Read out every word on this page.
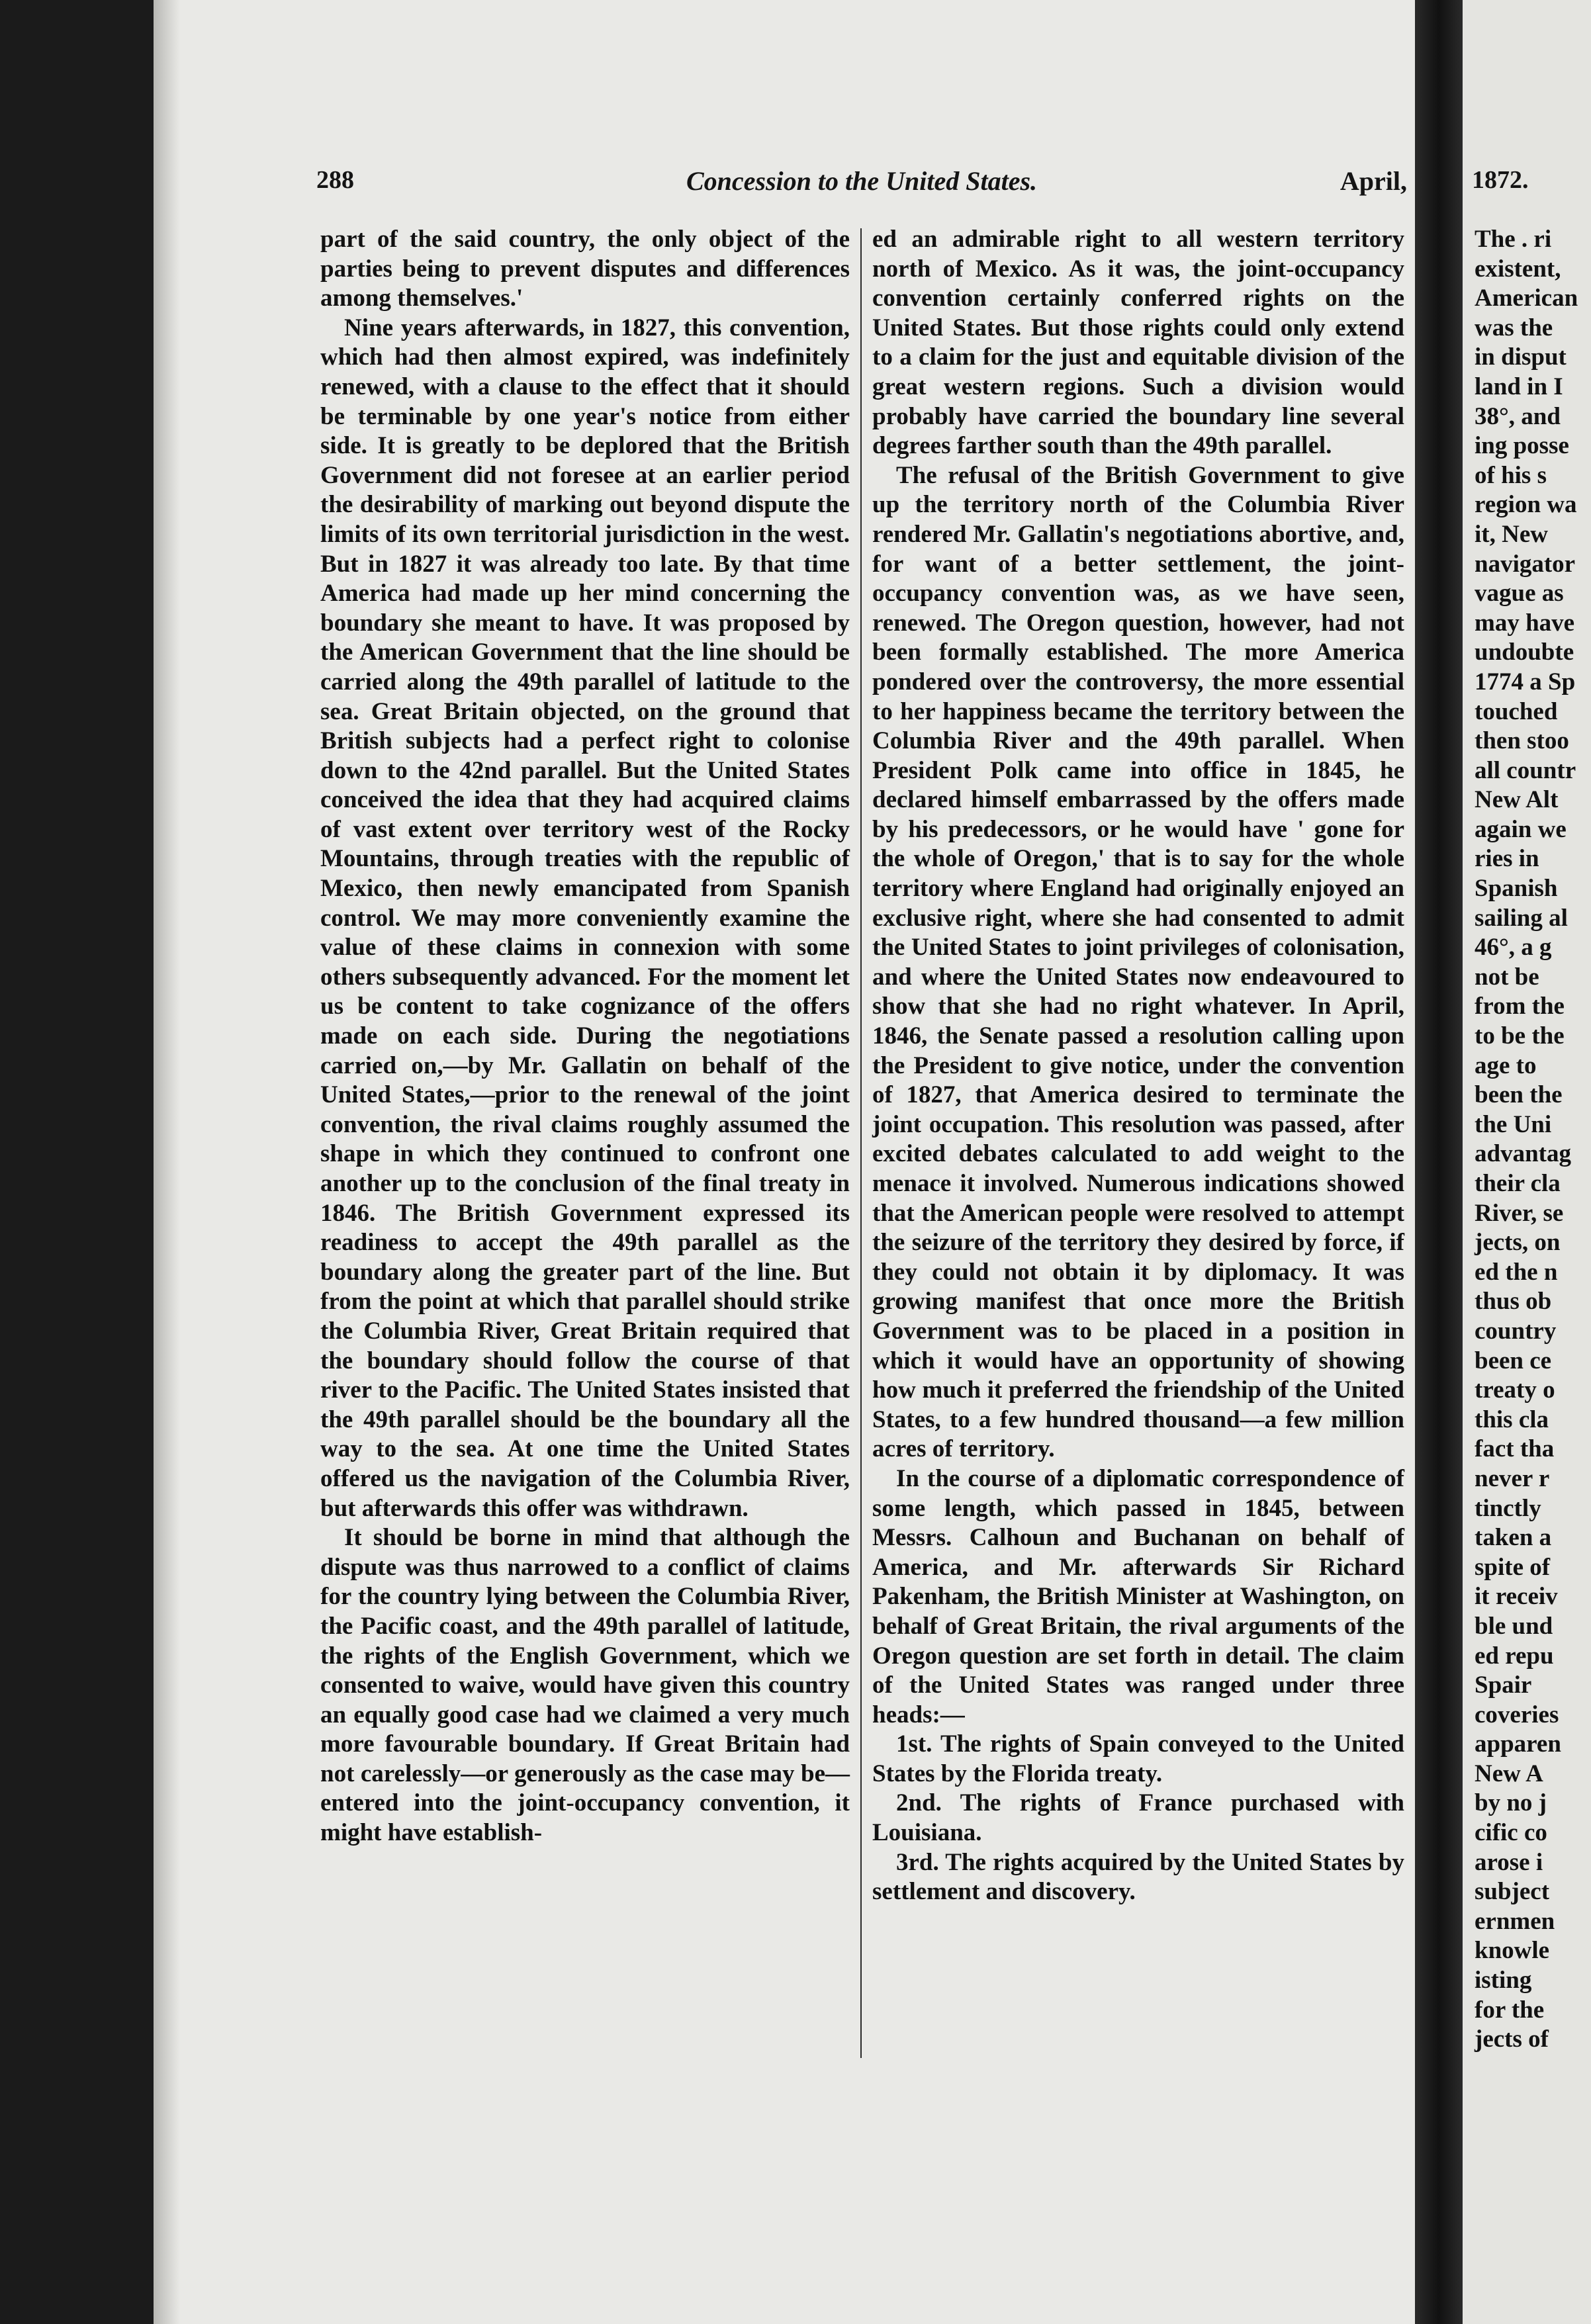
288	Concession to the United States.	April,

part of the said country, the only object of the parties being to prevent disputes and differences among themselves.'

Nine years afterwards, in 1827, this convention, which had then almost expired, was indefinitely renewed, with a clause to the effect that it should be terminable by one year's notice from either side. It is greatly to be deplored that the British Government did not foresee at an earlier period the desirability of marking out beyond dispute the limits of its own territorial jurisdiction in the west. But in 1827 it was already too late. By that time America had made up her mind concerning the boundary she meant to have. It was proposed by the American Government that the line should be carried along the 49th parallel of latitude to the sea. Great Britain objected, on the ground that British subjects had a perfect right to colonise down to the 42nd parallel. But the United States conceived the idea that they had acquired claims of vast extent over territory west of the Rocky Mountains, through treaties with the republic of Mexico, then newly emancipated from Spanish control. We may more conveniently examine the value of these claims in connexion with some others subsequently advanced. For the moment let us be content to take cognizance of the offers made on each side. During the negotiations carried on,—by Mr. Gallatin on behalf of the United States,—prior to the renewal of the joint convention, the rival claims roughly assumed the shape in which they continued to confront one another up to the conclusion of the final treaty in 1846. The British Government expressed its readiness to accept the 49th parallel as the boundary along the greater part of the line. But from the point at which that parallel should strike the Columbia River, Great Britain required that the boundary should follow the course of that river to the Pacific. The United States insisted that the 49th parallel should be the boundary all the way to the sea. At one time the United States offered us the navigation of the Columbia River, but afterwards this offer was withdrawn.

It should be borne in mind that although the dispute was thus narrowed to a conflict of claims for the country lying between the Columbia River, the Pacific coast, and the 49th parallel of latitude, the rights of the English Government, which we consented to waive, would have given this country an equally good case had we claimed a very much more favourable boundary. If Great Britain had not carelessly—or generously as the case may be—entered into the joint-occupancy convention, it might have establish-

ed an admirable right to all western territory north of Mexico. As it was, the joint-occupancy convention certainly conferred rights on the United States. But those rights could only extend to a claim for the just and equitable division of the great western regions. Such a division would probably have carried the boundary line several degrees farther south than the 49th parallel.

The refusal of the British Government to give up the territory north of the Columbia River rendered Mr. Gallatin's negotiations abortive, and, for want of a better settlement, the joint-occupancy convention was, as we have seen, renewed. The Oregon question, however, had not been formally established. The more America pondered over the controversy, the more essential to her happiness became the territory between the Columbia River and the 49th parallel. When President Polk came into office in 1845, he declared himself embarrassed by the offers made by his predecessors, or he would have ' gone for the whole of Oregon,' that is to say for the whole territory where England had originally enjoyed an exclusive right, where she had consented to admit the United States to joint privileges of colonisation, and where the United States now endeavoured to show that she had no right whatever. In April, 1846, the Senate passed a resolution calling upon the President to give notice, under the convention of 1827, that America desired to terminate the joint occupation. This resolution was passed, after excited debates calculated to add weight to the menace it involved. Numerous indications showed that the American people were resolved to attempt the seizure of the territory they desired by force, if they could not obtain it by diplomacy. It was growing manifest that once more the British Government was to be placed in a position in which it would have an opportunity of showing how much it preferred the friendship of the United States, to a few hundred thousand—a few million acres of territory.

In the course of a diplomatic correspondence of some length, which passed in 1845, between Messrs. Calhoun and Buchanan on behalf of America, and Mr. afterwards Sir Richard Pakenham, the British Minister at Washington, on behalf of Great Britain, the rival arguments of the Oregon question are set forth in detail. The claim of the United States was ranged under three heads:—

1st. The rights of Spain conveyed to the United States by the Florida treaty.

2nd. The rights of France purchased with Louisiana.

3rd. The rights acquired by the United States by settlement and discovery.

1872.
The . ri
existent,
American
was the
in disput
land in I
38°, and
ing posse
of his s
region wa
it, New
navigator
vague as
may have
undoubte
1774 a Sp
touched
then stoo
all countr
New Alt
again we
ries in
Spanish
sailing al
46°, a g
not be
from the
to be the
age to
been the
the Uni
advantag
their cla
River, se
jects, on
ed the n
thus ob
country
been ce
treaty o
this cla
fact tha
never r
tinctly
taken a
spite of
it receiv
ble und
ed repu
Spair
coveries
apparen
New A
by no j
cific co
arose i
subject
ernmen
knowle
isting
for the
jects of
